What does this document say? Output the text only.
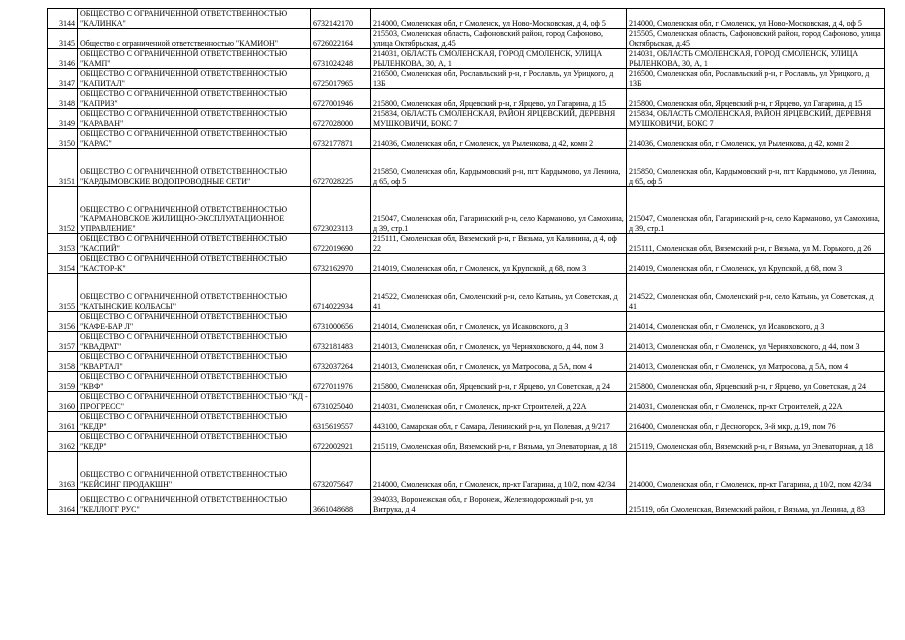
3144	ОБЩЕСТВО С ОГРАНИЧЕННОЙ ОТВЕТСТВЕННОСТЬЮ "КАЛИНКА"	6732142170	214000, Смоленская обл, г Смоленск, ул Ново-Московская, д 4, оф 5	214000, Смоленская обл, г Смоленск, ул Ново-Московская, д 4, оф 5
3145	Общество с ограниченной ответственностью "КАМИОН"	6726022164	215503, Смоленская область, Сафоновский район, город Сафоново, улица Октябрьская, д.45	215505, Смоленская область, Сафоновский район, город Сафоново, улица Октябрьская, д.45
3146	ОБЩЕСТВО С ОГРАНИЧЕННОЙ ОТВЕТСТВЕННОСТЬЮ "КАМП"	6731024248	214031, ОБЛАСТЬ СМОЛЕНСКАЯ, ГОРОД СМОЛЕНСК, УЛИЦА РЫЛЕНКОВА, 30, А, 1	214031, ОБЛАСТЬ СМОЛЕНСКАЯ, ГОРОД СМОЛЕНСК, УЛИЦА РЫЛЕНКОВА, 30, А, 1
3147	ОБЩЕСТВО С ОГРАНИЧЕННОЙ ОТВЕТСТВЕННОСТЬЮ "КАПИТАЛ"	6725017965	216500, Смоленская обл, Рославльский р-н, г Рославль, ул Урицкого, д 13Б	216500, Смоленская обл, Рославльский р-н, г Рославль, ул Урицкого, д 13Б
3148	ОБЩЕСТВО С ОГРАНИЧЕННОЙ ОТВЕТСТВЕННОСТЬЮ "КАПРИЗ"	6727001946	215800, Смоленская обл, Ярцевский р-н, г Ярцево, ул Гагарина, д 15	215800, Смоленская обл, Ярцевский р-н, г Ярцево, ул Гагарина, д 15
3149	ОБЩЕСТВО С ОГРАНИЧЕННОЙ ОТВЕТСТВЕННОСТЬЮ "КАРАВАН"	6727028000	215834, ОБЛАСТЬ СМОЛЕНСКАЯ, РАЙОН ЯРЦЕВСКИЙ, ДЕРЕВНЯ МУШКОВИЧИ, БОКС 7	215834, ОБЛАСТЬ СМОЛЕНСКАЯ, РАЙОН ЯРЦЕВСКИЙ, ДЕРЕВНЯ МУШКОВИЧИ, БОКС 7
3150	ОБЩЕСТВО С ОГРАНИЧЕННОЙ ОТВЕТСТВЕННОСТЬЮ "КАРАС"	6732177871	214036, Смоленская обл, г Смоленск, ул Рыленкова, д 42, комн 2	214036, Смоленская обл, г Смоленск, ул Рыленкова, д 42, комн 2
3151	ОБЩЕСТВО С ОГРАНИЧЕННОЙ ОТВЕТСТВЕННОСТЬЮ "КАРДЫМОВСКИЕ ВОДОПРОВОДНЫЕ СЕТИ"	6727028225	215850, Смоленская обл, Кардымовский р-н, пгт Кардымово, ул Ленина, д 65, оф 5	215850, Смоленская обл, Кардымовский р-н, пгт Кардымово, ул Ленина, д 65, оф 5
3152	ОБЩЕСТВО С ОГРАНИЧЕННОЙ ОТВЕТСТВЕННОСТЬЮ "КАРМАНОВСКОЕ ЖИЛИЩНО-ЭКСПЛУАТАЦИОННОЕ УПРАВЛЕНИЕ"	6723023113	215047, Смоленская обл, Гагаринский р-н, село Карманово, ул Самохина, д 39, стр.1	215047, Смоленская обл, Гагаринский р-н, село Карманово, ул Самохина, д 39, стр.1
3153	ОБЩЕСТВО С ОГРАНИЧЕННОЙ ОТВЕТСТВЕННОСТЬЮ "КАСПИЙ"	6722019690	215111, Смоленская обл, Вяземский р-н, г Вязьма, ул Калинина, д 4, оф 22	215111, Смоленская обл, Вяземский р-н, г Вязьма, ул М. Горького, д 26
3154	ОБЩЕСТВО С ОГРАНИЧЕННОЙ ОТВЕТСТВЕННОСТЬЮ "КАСТОР-К"	6732162970	214019, Смоленская обл, г Смоленск, ул Крупской, д 68, пом 3	214019, Смоленская обл, г Смоленск, ул Крупской, д 68, пом 3
3155	ОБЩЕСТВО С ОГРАНИЧЕННОЙ ОТВЕТСТВЕННОСТЬЮ "КАТЫНСКИЕ КОЛБАСЫ"	6714022934	214522, Смоленская обл, Смоленский р-н, село Катынь, ул Советская, д 41	214522, Смоленская обл, Смоленский р-н, село Катынь, ул Советская, д 41
3156	ОБЩЕСТВО С ОГРАНИЧЕННОЙ ОТВЕТСТВЕННОСТЬЮ "КАФЕ-БАР Л"	6731000656	214014, Смоленская обл, г Смоленск, ул Исаковского, д 3	214014, Смоленская обл, г Смоленск, ул Исаковского, д 3
3157	ОБЩЕСТВО С ОГРАНИЧЕННОЙ ОТВЕТСТВЕННОСТЬЮ "КВАДРАТ"	6732181483	214013, Смоленская обл, г Смоленск, ул Черняховского, д 44, пом 3	214013, Смоленская обл, г Смоленск, ул Черняховского, д 44, пом 3
3158	ОБЩЕСТВО С ОГРАНИЧЕННОЙ ОТВЕТСТВЕННОСТЬЮ "КВАРТАЛ"	6732037264	214013, Смоленская обл, г Смоленск, ул Матросова, д 5А, пом 4	214013, Смоленская обл, г Смоленск, ул Матросова, д 5А, пом 4
3159	ОБЩЕСТВО С ОГРАНИЧЕННОЙ ОТВЕТСТВЕННОСТЬЮ "КВФ"	6727011976	215800, Смоленская обл, Ярцевский р-н, г Ярцево, ул Советская, д 24	215800, Смоленская обл, Ярцевский р-н, г Ярцево, ул Советская, д 24
3160	ОБЩЕСТВО С ОГРАНИЧЕННОЙ ОТВЕТСТВЕННОСТЬЮ "КД - ПРОГРЕСС"	6731025040	214031, Смоленская обл, г Смоленск, пр-кт Строителей, д 22А	214031, Смоленская обл, г Смоленск, пр-кт Строителей, д 22А
3161	ОБЩЕСТВО С ОГРАНИЧЕННОЙ ОТВЕТСТВЕННОСТЬЮ "КЕДР"	6315619557	443100, Самарская обл, г Самара, Ленинский р-н, ул Полевая, д 9/217	216400, Смоленская обл, г Десногорск, 3-й мкр, д.19, пом 76
3162	ОБЩЕСТВО С ОГРАНИЧЕННОЙ ОТВЕТСТВЕННОСТЬЮ "КЕДР"	6722002921	215119, Смоленская обл, Вяземский р-н, г Вязьма, ул Элеваторная, д 18	215119, Смоленская обл, Вяземский р-н, г Вязьма, ул Элеваторная, д 18
3163	ОБЩЕСТВО С ОГРАНИЧЕННОЙ ОТВЕТСТВЕННОСТЬЮ "КЕЙСИНГ ПРОДАКШН"	6732075647	214000, Смоленская обл, г Смоленск, пр-кт Гагарина, д 10/2, пом 42/34	214000, Смоленская обл, г Смоленск, пр-кт Гагарина, д 10/2, пом 42/34
3164	ОБЩЕСТВО С ОГРАНИЧЕННОЙ ОТВЕТСТВЕННОСТЬЮ "КЕЛЛОГГ РУС"	3661048688	394033, Воронежская обл, г Воронеж, Железнодорожный р-н, ул Витрука, д 4	215119, обл Смоленская, Вяземский район, г Вязьма, ул Ленина, д 83
